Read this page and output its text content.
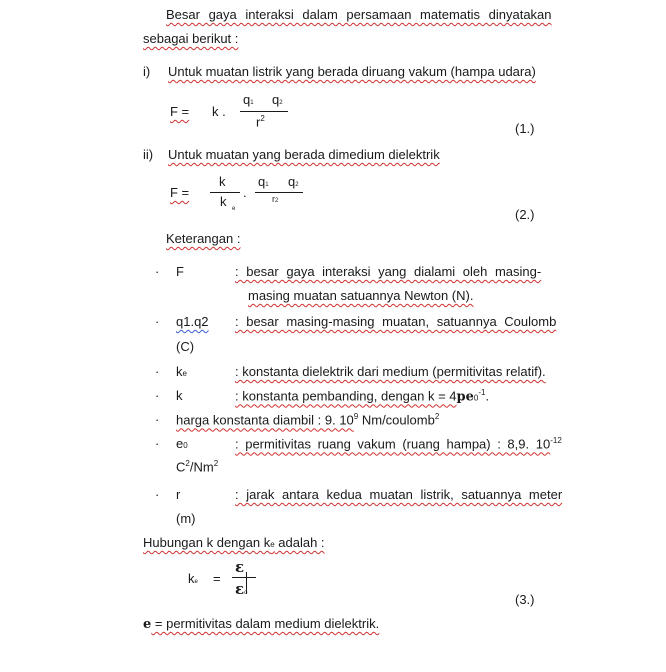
Besar gaya interaksi dalam persamaan matematis dinyatakan
sebagai berikut :
i) Untuk muatan listrik yang berada diruang vakum (hampa udara)
F = k .
q1 q2
$r^2$
(1.)
ii) Untuk muatan yang berada dimedium dielektrik
F =
k
k e
.
q1 q2
r2
(2.)
Keterangan :
· F	: besar gaya interaksi yang dialami oleh masing-
masing muatan satuannya Newton (N).
· q1.q2 : besar masing-masing muatan, satuannya Coulomb
(C)
· ke	: konstanta dielektrik dari medium (permitivitas relatif).
· k	: konstanta pembanding, dengan $k = 4pe0^{-1}$.
· harga konstanta diambil : 9. $10^9$ Nm/coulomb$^2$
· e0	: permitivitas ruang vakum (ruang hampa) : 8,9. $10^{-12}$
$C^2/Nm^2$
· r	: jarak antara kedua muatan listrik, satuannya meter
(m)
Hubungan k dengan ke adalah :
ke =
ε
εo	(3.)
e = permitivitas dalam medium dielektrik.
